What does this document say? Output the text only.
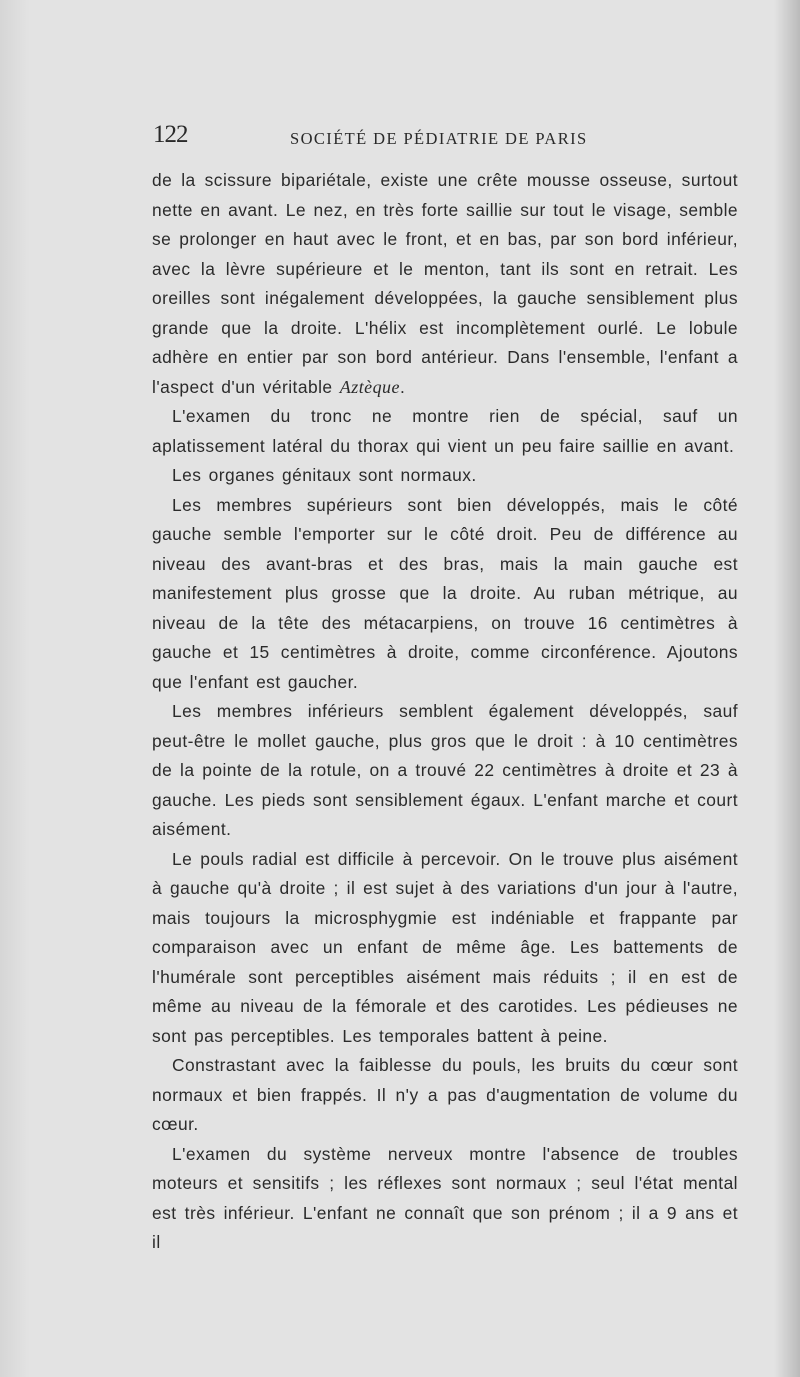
122	SOCIÉTÉ DE PÉDIATRIE DE PARIS

de la scissure bipariétale, existe une crête mousse osseuse, surtout nette en avant. Le nez, en très forte saillie sur tout le visage, semble se prolonger en haut avec le front, et en bas, par son bord inférieur, avec la lèvre supérieure et le menton, tant ils sont en retrait. Les oreilles sont inégalement développées, la gauche sensiblement plus grande que la droite. L'hélix est incomplètement ourlé. Le lobule adhère en entier par son bord antérieur. Dans l'ensemble, l'enfant a l'aspect d'un véritable Aztèque.

L'examen du tronc ne montre rien de spécial, sauf un aplatissement latéral du thorax qui vient un peu faire saillie en avant.

Les organes génitaux sont normaux.

Les membres supérieurs sont bien développés, mais le côté gauche semble l'emporter sur le côté droit. Peu de différence au niveau des avant-bras et des bras, mais la main gauche est manifestement plus grosse que la droite. Au ruban métrique, au niveau de la tête des métacarpiens, on trouve 16 centimètres à gauche et 15 centimètres à droite, comme circonférence. Ajoutons que l'enfant est gaucher.

Les membres inférieurs semblent également développés, sauf peut-être le mollet gauche, plus gros que le droit : à 10 centimètres de la pointe de la rotule, on a trouvé 22 centimètres à droite et 23 à gauche. Les pieds sont sensiblement égaux. L'enfant marche et court aisément.

Le pouls radial est difficile à percevoir. On le trouve plus aisément à gauche qu'à droite ; il est sujet à des variations d'un jour à l'autre, mais toujours la microsphygmie est indéniable et frappante par comparaison avec un enfant de même âge. Les battements de l'humérale sont perceptibles aisément mais réduits ; il en est de même au niveau de la fémorale et des carotides. Les pédieuses ne sont pas perceptibles. Les temporales battent à peine.

Constrastant avec la faiblesse du pouls, les bruits du cœur sont normaux et bien frappés. Il n'y a pas d'augmentation de volume du cœur.

L'examen du système nerveux montre l'absence de troubles moteurs et sensitifs ; les réflexes sont normaux ; seul l'état mental est très inférieur. L'enfant ne connaît que son prénom ; il a 9 ans et il
